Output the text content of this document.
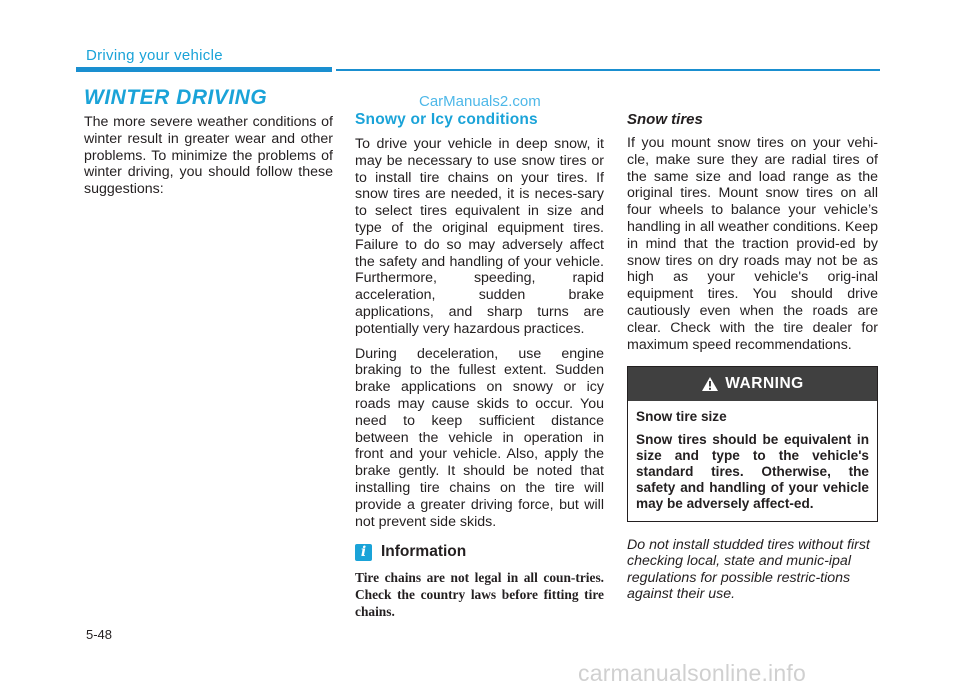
Driving your vehicle
WINTER DRIVING	CarManuals2.com

The more severe weather conditions of winter result in greater wear and other problems. To minimize the problems of winter driving, you should follow these suggestions:

Snowy or Icy conditions

To drive your vehicle in deep snow, it may be necessary to use snow tires or to install tire chains on your tires. If snow tires are needed, it is neces-sary to select tires equivalent in size and type of the original equipment tires. Failure to do so may adversely affect the safety and handling of your vehicle. Furthermore, speeding, rapid acceleration, sudden brake applications, and sharp turns are potentially very hazardous practices.

During deceleration, use engine braking to the fullest extent. Sudden brake applications on snowy or icy roads may cause skids to occur. You need to keep sufficient distance between the vehicle in operation in front and your vehicle. Also, apply the brake gently. It should be noted that installing tire chains on the tire will provide a greater driving force, but will not prevent side skids.

i Information
Tire chains are not legal in all coun-tries. Check the country laws before fitting tire chains.
Snow tires

If you mount snow tires on your vehi-cle, make sure they are radial tires of the same size and load range as the original tires. Mount snow tires on all four wheels to balance your vehicle’s handling in all weather conditions. Keep in mind that the traction provid-ed by snow tires on dry roads may not be as high as your vehicle's orig-inal equipment tires. You should drive cautiously even when the roads are clear. Check with the tire dealer for maximum speed recommendations.

WARNING

Snow tire size

Snow tires should be equivalent in size and type to the vehicle's standard tires. Otherwise, the safety and handling of your vehicle may be adversely affect-ed.

Do not install studded tires without first checking local, state and munic-ipal regulations for possible restric-tions against their use.
5-48
carmanualsonline.info
